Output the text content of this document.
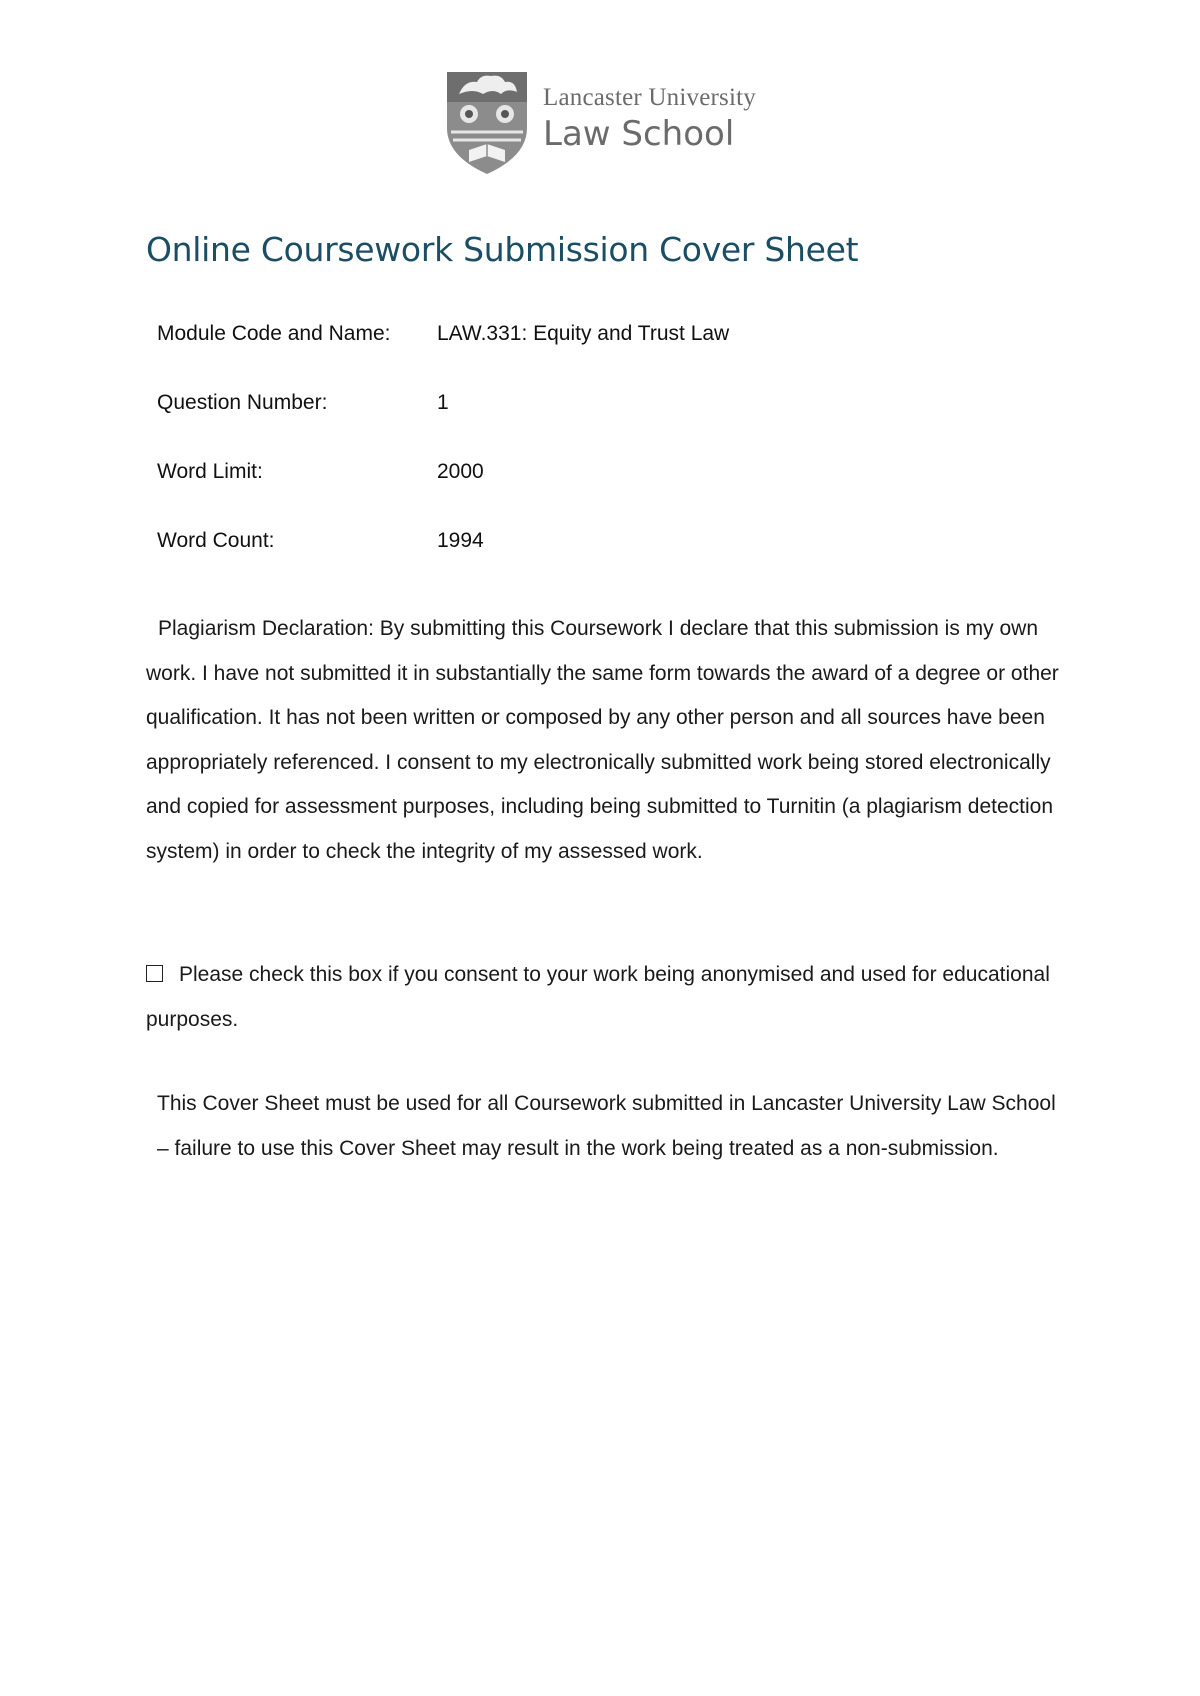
Lancaster University
Law School
Online Coursework Submission Cover Sheet
Module Code and Name:	LAW.331: Equity and Trust Law
Question Number:	1
Word Limit:	2000
Word Count:	1994

Plagiarism Declaration: By submitting this Coursework I declare that this submission is my own work. I have not submitted it in substantially the same form towards the award of a degree or other qualification. It has not been written or composed by any other person and all sources have been appropriately referenced. I consent to my electronically submitted work being stored electronically and copied for assessment purposes, including being submitted to Turnitin (a plagiarism detection system) in order to check the integrity of my assessed work.

Please check this box if you consent to your work being anonymised and used for educational purposes.

This Cover Sheet must be used for all Coursework submitted in Lancaster University Law School – failure to use this Cover Sheet may result in the work being treated as a non-submission.
